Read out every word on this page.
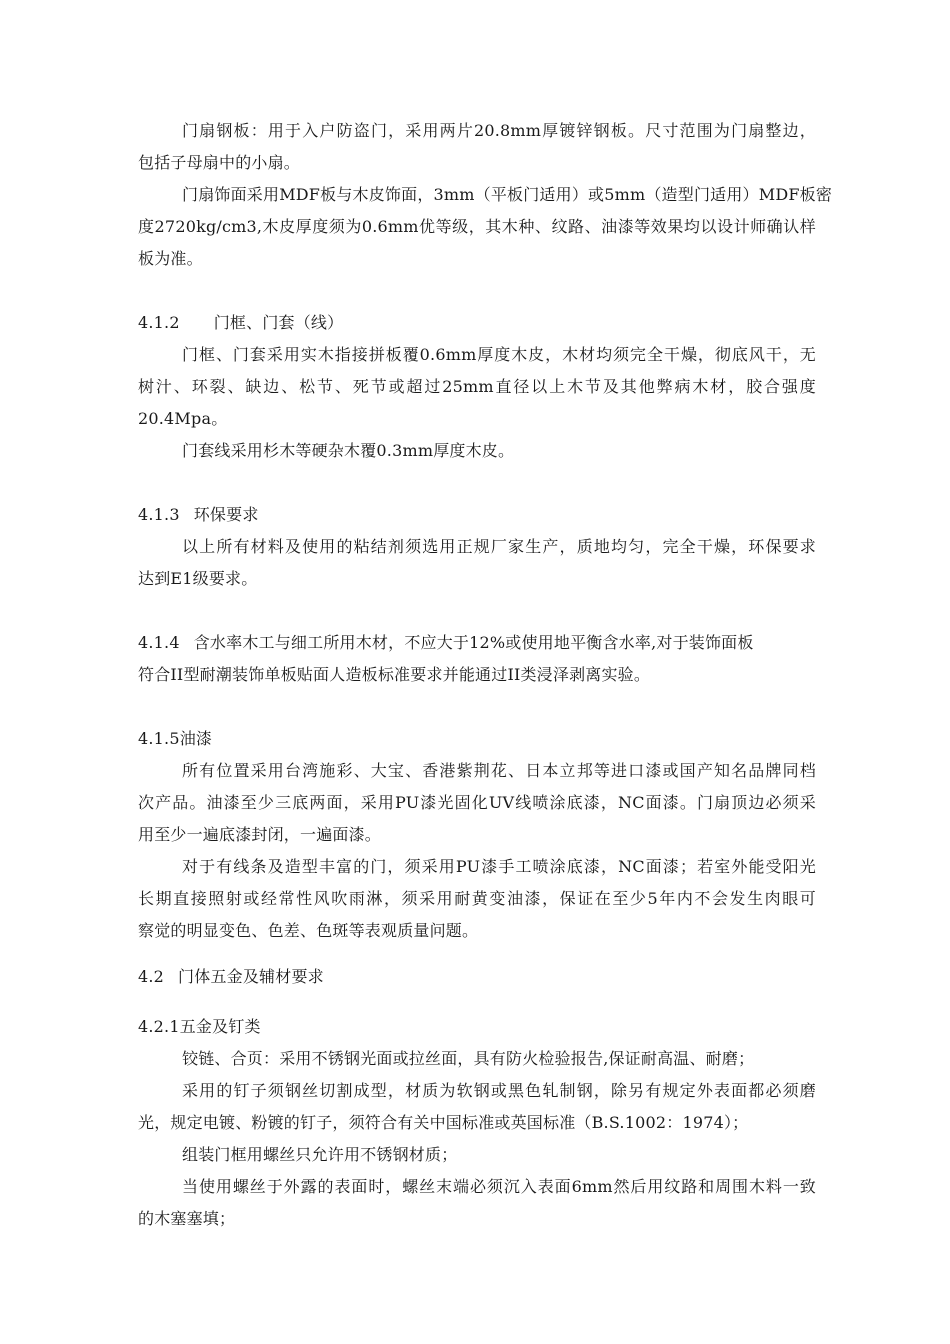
门扇钢板：用于入户防盗门，采用两片20.8mm厚镀锌钢板。尺寸范围为门扇整边，
包括子母扇中的小扇。
门扇饰面采用MDF板与木皮饰面，3mm（平板门适用）或5mm（造型门适用）MDF板密
度2720kg/cm3,木皮厚度须为0.6mm优等级，其木种、纹路、油漆等效果均以设计师确认样
板为准。
4.1.2 门框、门套（线）
门框、门套采用实木指接拼板覆0.6mm厚度木皮，木材均须完全干燥，彻底风干，无
树汁、环裂、缺边、松节、死节或超过25mm直径以上木节及其他弊病木材，胶合强度
20.4Mpa。
门套线采用杉木等硬杂木覆0.3mm厚度木皮。
4.1.3 环保要求
以上所有材料及使用的粘结剂须选用正规厂家生产，质地均匀，完全干燥，环保要求
达到E1级要求。
4.1.4 含水率木工与细工所用木材，不应大于12%或使用地平衡含水率,对于装饰面板
符合II型耐潮装饰单板贴面人造板标准要求并能通过II类浸泽剥离实验。
4.1.5油漆
所有位置采用台湾施彩、大宝、香港紫荆花、日本立邦等进口漆或国产知名品牌同档
次产品。油漆至少三底两面，采用PU漆光固化UV线喷涂底漆，NC面漆。门扇顶边必须采
用至少一遍底漆封闭，一遍面漆。
对于有线条及造型丰富的门，须采用PU漆手工喷涂底漆，NC面漆；若室外能受阳光
长期直接照射或经常性风吹雨淋，须采用耐黄变油漆，保证在至少5年内不会发生肉眼可
察觉的明显变色、色差、色斑等表观质量问题。
4.2 门体五金及辅材要求
4.2.1五金及钉类
铰链、合页：采用不锈钢光面或拉丝面，具有防火检验报告,保证耐高温、耐磨；
采用的钉子须钢丝切割成型，材质为软钢或黑色轧制钢，除另有规定外表面都必须磨
光，规定电镀、粉镀的钉子，须符合有关中国标准或英国标准（B.S.1002：1974）；
组装门框用螺丝只允许用不锈钢材质；
当使用螺丝于外露的表面时，螺丝末端必须沉入表面6mm然后用纹路和周围木料一致
的木塞塞填；
